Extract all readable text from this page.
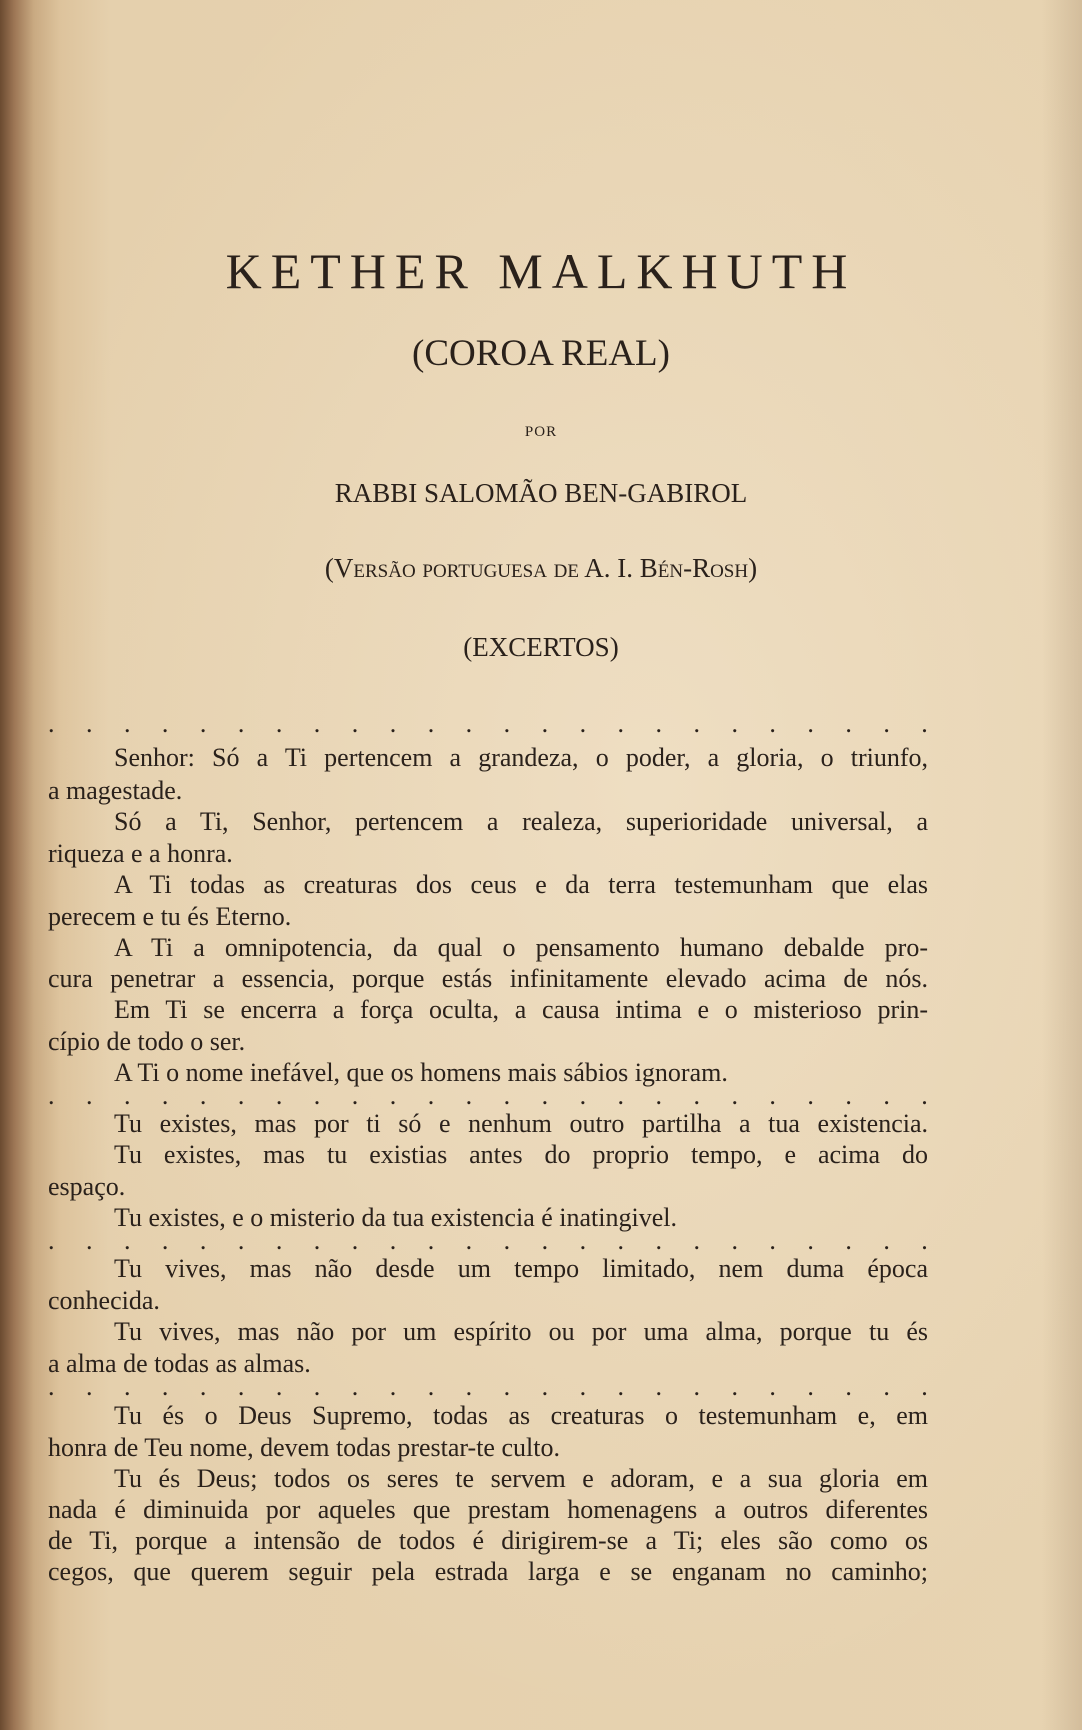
KETHER MALKHUTH
(COROA REAL)
POR
RABBI SALOMÃO BEN-GABIROL
(Versão portuguesa de A. I. Bén-Rosh)
(EXCERTOS)
. . . . . . . . . . . . . . . . . . . . . . . .
Senhor: Só a Ti pertencem a grandeza, o poder, a gloria, o triunfo,
a magestade.
Só a Ti, Senhor, pertencem a realeza, superioridade universal, a
riqueza e a honra.
A Ti todas as creaturas dos ceus e da terra testemunham que elas
perecem e tu és Eterno.
A Ti a omnipotencia, da qual o pensamento humano debalde pro-
cura penetrar a essencia, porque estás infinitamente elevado acima de nós.
Em Ti se encerra a força oculta, a causa intima e o misterioso prin-
cípio de todo o ser.
A Ti o nome inefável, que os homens mais sábios ignoram.
. . . . . . . . . . . . . . . . . . . . . . . .
Tu existes, mas por ti só e nenhum outro partilha a tua existencia.
Tu existes, mas tu existias antes do proprio tempo, e acima do
espaço.
Tu existes, e o misterio da tua existencia é inatingivel.
. . . . . . . . . . . . . . . . . . . . . . . .
Tu vives, mas não desde um tempo limitado, nem duma época
conhecida.
Tu vives, mas não por um espírito ou por uma alma, porque tu és
a alma de todas as almas.
. . . . . . . . . . . . . . . . . . . . . . . .
Tu és o Deus Supremo, todas as creaturas o testemunham e, em
honra de Teu nome, devem todas prestar-te culto.
Tu és Deus; todos os seres te servem e adoram, e a sua gloria em
nada é diminuida por aqueles que prestam homenagens a outros diferentes
de Ti, porque a intensão de todos é dirigirem-se a Ti; eles são como os
cegos, que querem seguir pela estrada larga e se enganam no caminho;
